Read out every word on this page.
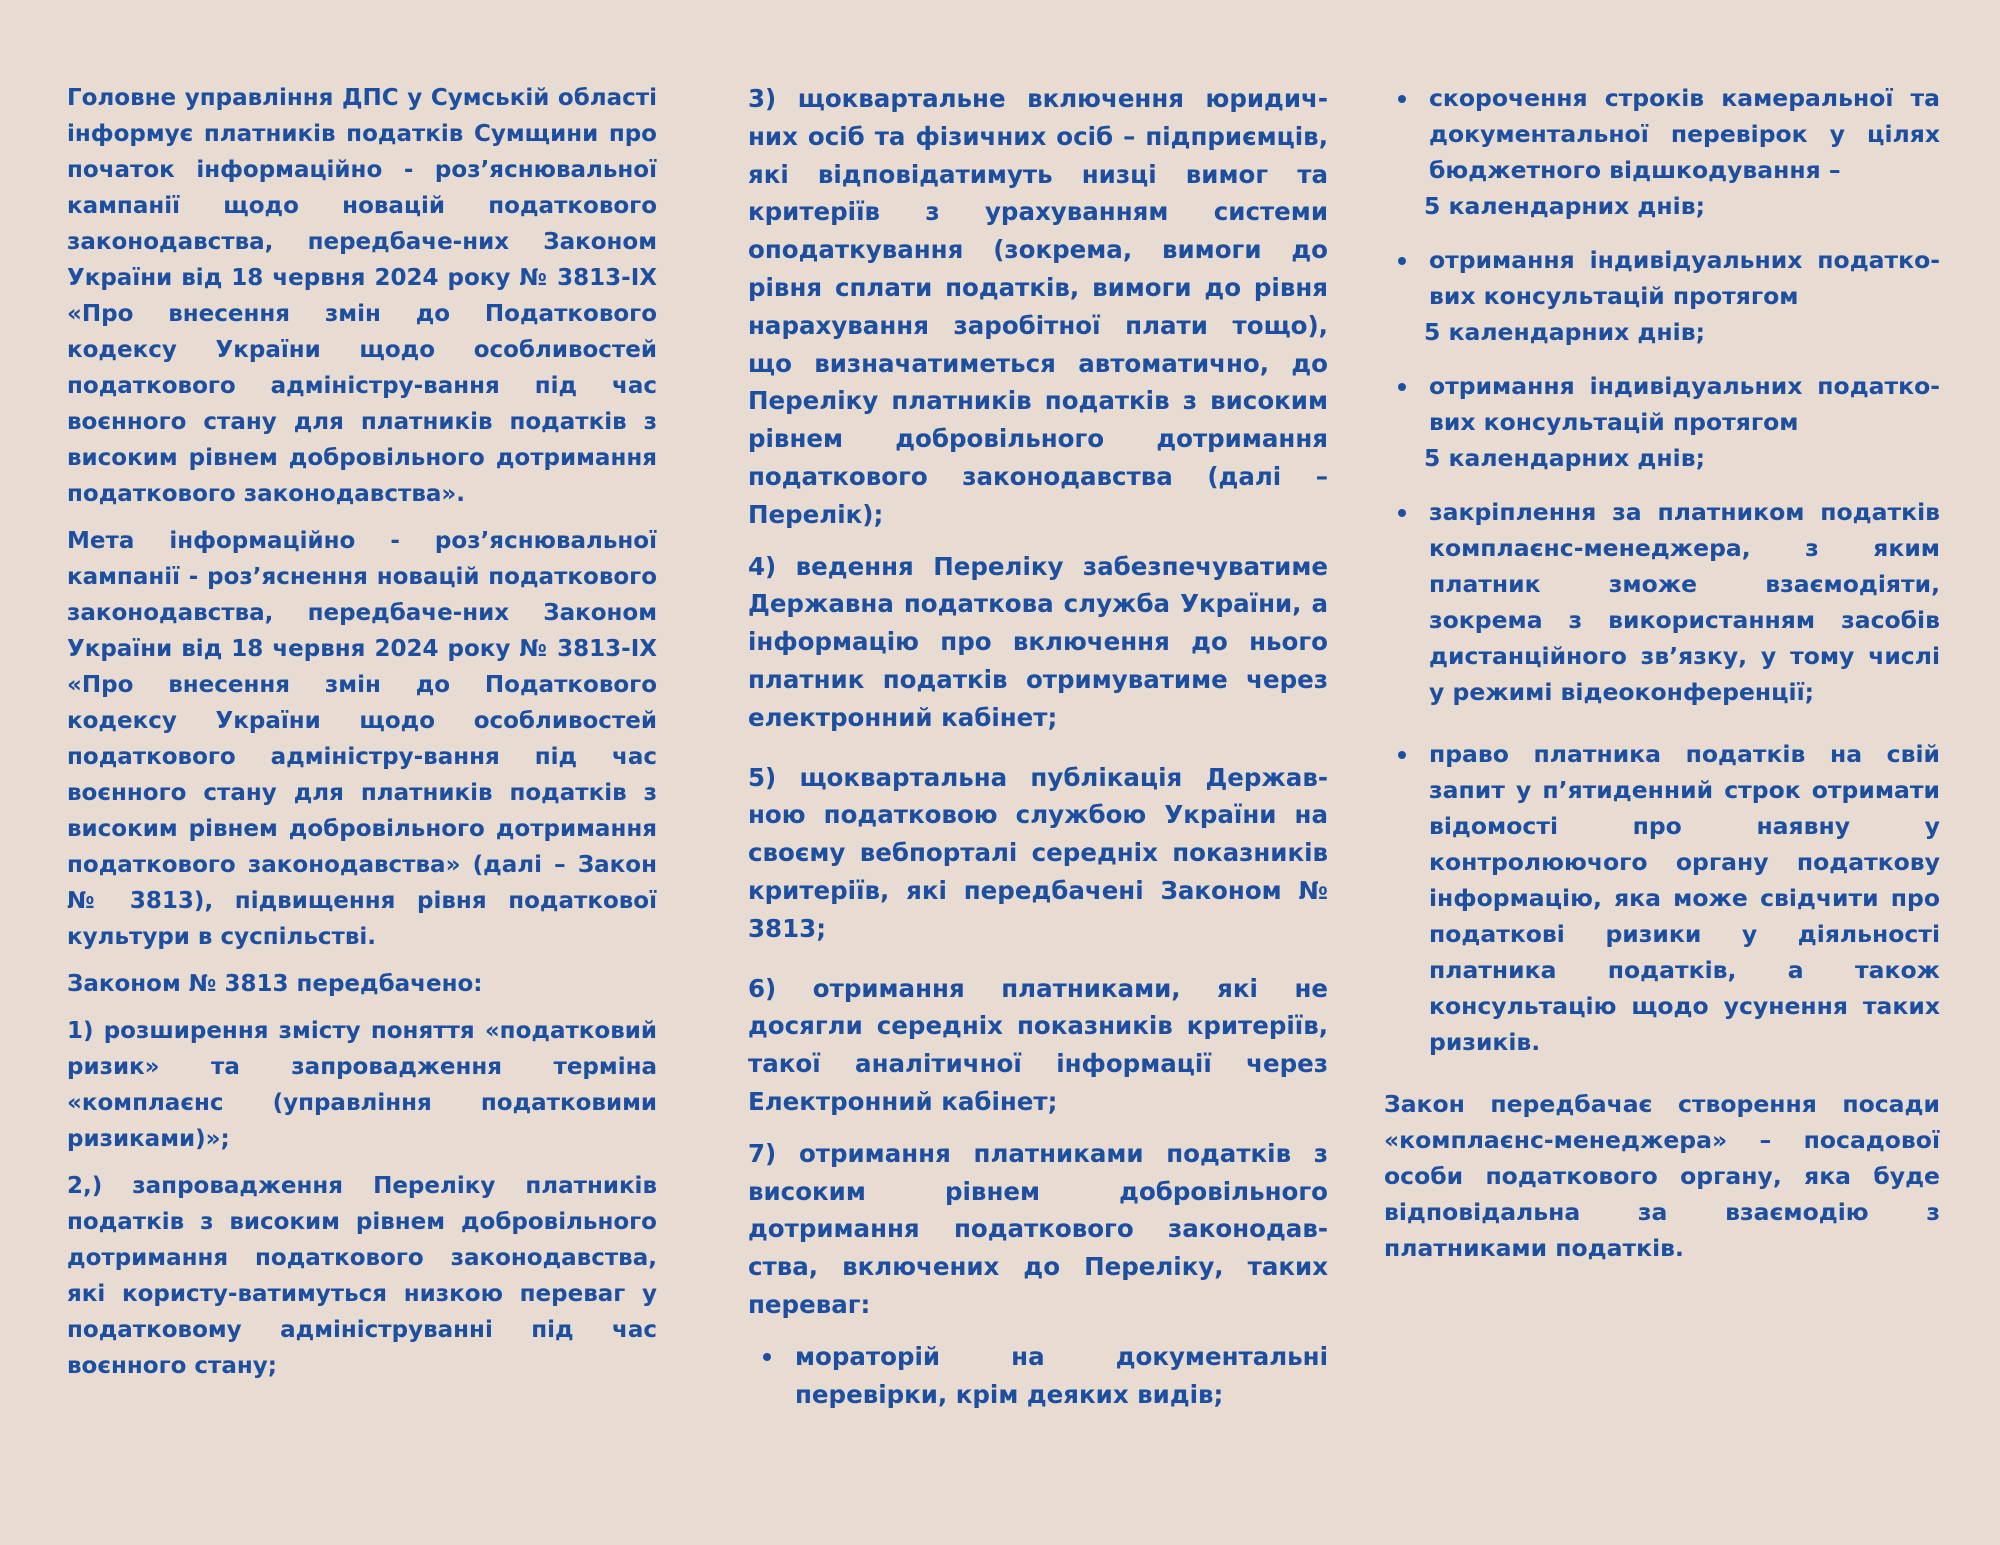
Головне управління ДПС у Сумській області інформує платників податків Сумщини про початок інформаційно - роз’яснювальної кампанії щодо новацій податкового законодавства, передбаче-них Законом України від 18 червня 2024 року № 3813-IX «Про внесення змін до Податкового кодексу України щодо особливостей податкового адміністру-вання під час воєнного стану для платників податків з високим рівнем добровільного дотримання податкового законодавства».

Мета інформаційно - роз’яснювальної кампанії - роз’яснення новацій податкового законодавства, передбаче-них Законом України від 18 червня 2024 року № 3813-IX «Про внесення змін до Податкового кодексу України щодо особливостей податкового адміністру-вання під час воєнного стану для платників податків з високим рівнем добровільного дотримання податкового законодавства» (далі – Закон № 3813), підвищення рівня податкової культури в суспільстві.

Законом № 3813 передбачено:

1) розширення змісту поняття «податковий ризик» та запровадження терміна «комплаєнс (управління податковими ризиками)»;

2,) запровадження Переліку платників податків з високим рівнем добровільного дотримання податкового законодавства, які користу-ватимуться низкою переваг у податковому адмініструванні під час воєнного стану;

3) щоквартальне включення юридич-них осіб та фізичних осіб – підприємців, які відповідатимуть низці вимог та критеріїв з урахуванням системи оподаткування (зокрема, вимоги до рівня сплати податків, вимоги до рівня нарахування заробітної плати тощо), що визначатиметься автоматично, до Переліку платників податків з високим рівнем добровільного дотримання податкового законодавства (далі – Перелік);

4) ведення Переліку забезпечуватиме Державна податкова служба України, а інформацію про включення до нього платник податків отримуватиме через електронний кабінет;

5) щоквартальна публікація Держав-ною податковою службою України на своєму вебпорталі середніх показників критеріїв, які передбачені Законом № 3813;

6) отримання платниками, які не досягли середніх показників критеріїв, такої аналітичної інформації через Електронний кабінет;

7) отримання платниками податків з високим рівнем добровільного дотримання податкового законодав-ства, включених до Переліку, таких переваг:

мораторій на документальні перевірки, крім деяких видів;
скорочення строків камеральної та документальної перевірок у цілях бюджетного відшкодування –
5 календарних днів;
отримання індивідуальних податко-вих консультацій протягом
5 календарних днів;
отримання індивідуальних податко-вих консультацій протягом
5 календарних днів;
закріплення за платником податків комплаєнс-менеджера, з яким платник зможе взаємодіяти, зокрема з використанням засобів дистанційного зв’язку, у тому числі у режимі відеоконференції;
право платника податків на свій запит у п’ятиденний строк отримати відомості про наявну у контролюючого органу податкову інформацію, яка може свідчити про податкові ризики у діяльності платника податків, а також консультацію щодо усунення таких ризиків.

Закон передбачає створення посади «комплаєнс-менеджера» – посадової особи податкового органу, яка буде відповідальна за взаємодію з платниками податків.
